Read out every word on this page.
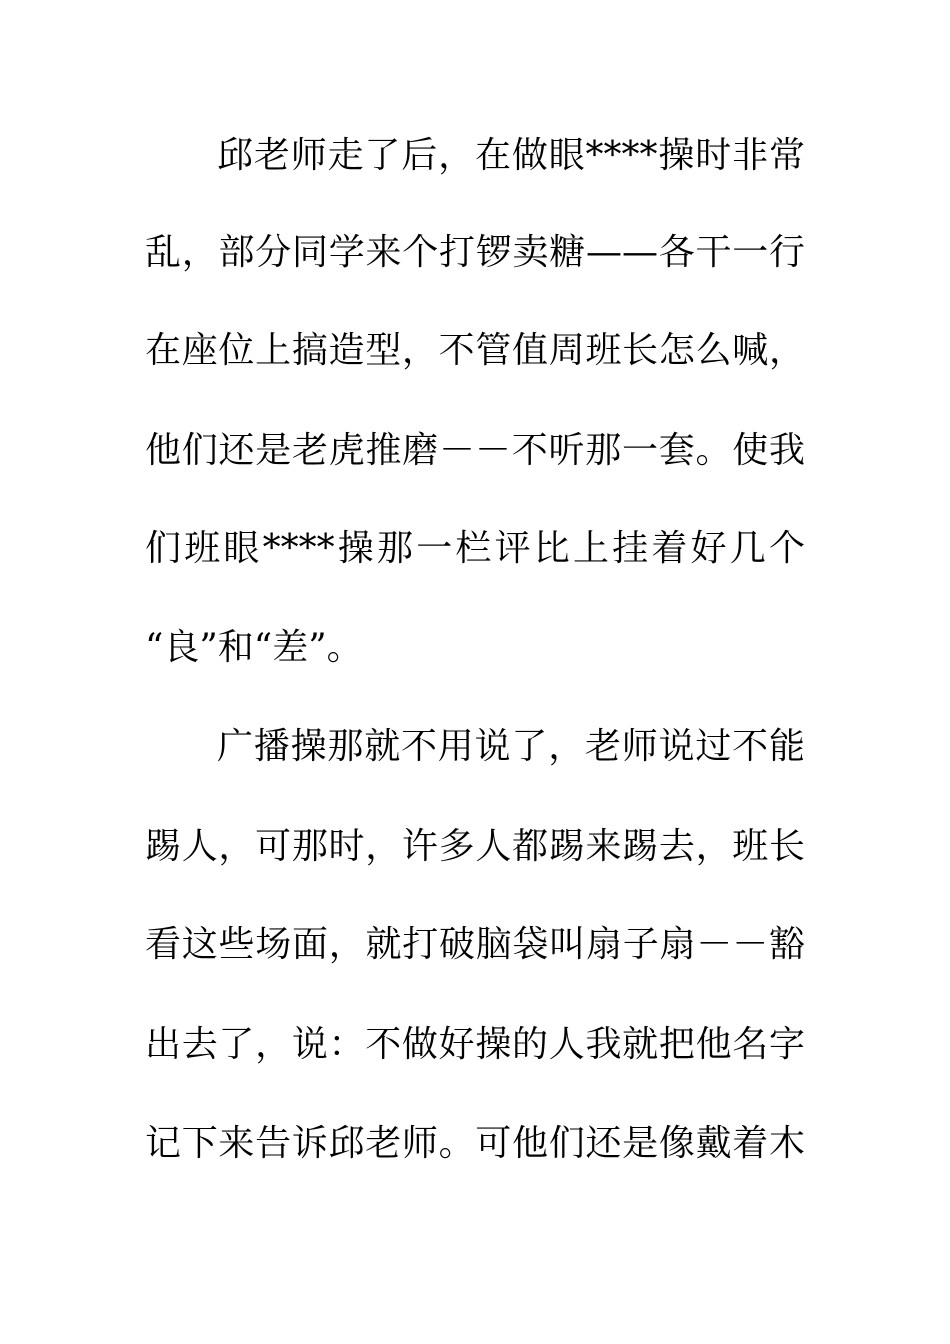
邱老师走了后，在做眼****操时非常
乱，部分同学来个打锣卖糖——各干一行
在座位上搞造型，不管值周班长怎么喊，
他们还是老虎推磨－－不听那一套。使我
们班眼****操那一栏评比上挂着好几个
“良”和“差”。
广播操那就不用说了，老师说过不能
踢人，可那时，许多人都踢来踢去，班长
看这些场面，就打破脑袋叫扇子扇－－豁
出去了，说：不做好操的人我就把他名字
记下来告诉邱老师。可他们还是像戴着木
